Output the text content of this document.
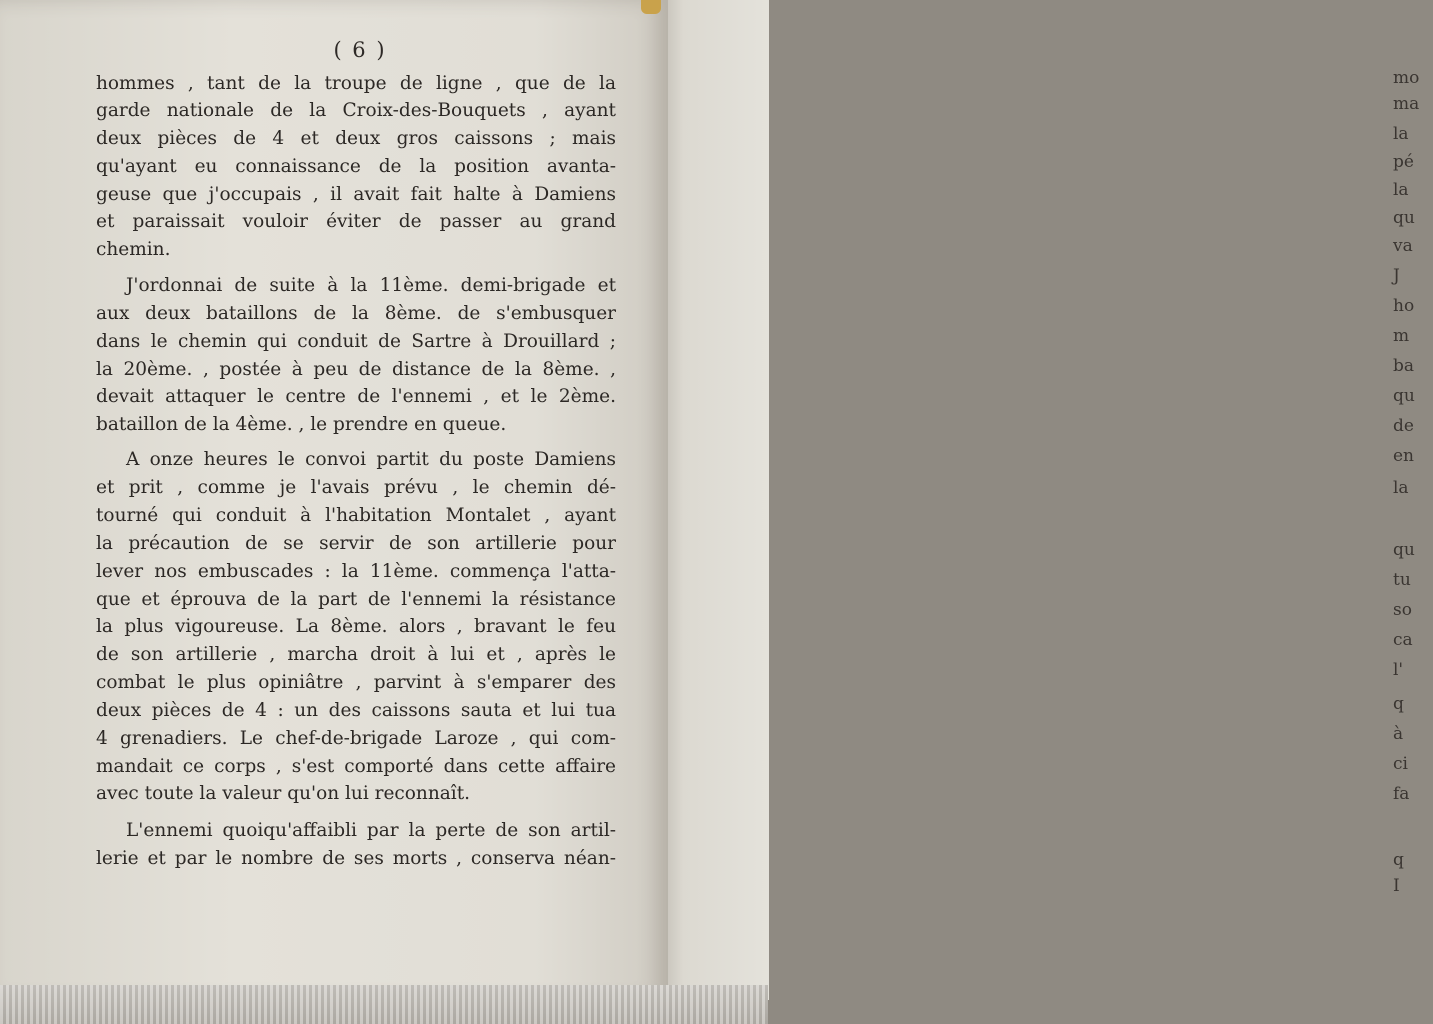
mo
ma
la
pé
la
qu
va
J
ho
m
ba
qu
de
en
la
qu
tu
so
ca
l'
q
à
ci
fa
q
I
( 6 )
hommes , tant de la troupe de ligne , que de la
garde nationale de la Croix-des-Bouquets , ayant
deux pièces de 4 et deux gros caissons ; mais
qu'ayant eu connaissance de la position avanta-
geuse que j'occupais , il avait fait halte à Damiens
et paraissait vouloir éviter de passer au grand
chemin.
J'ordonnai de suite à la 11ème. demi-brigade et
aux deux bataillons de la 8ème. de s'embusquer
dans le chemin qui conduit de Sartre à Drouillard ;
la 20ème. , postée à peu de distance de la 8ème. ,
devait attaquer le centre de l'ennemi , et le 2ème.
bataillon de la 4ème. , le prendre en queue.
A onze heures le convoi partit du poste Damiens
et prit , comme je l'avais prévu , le chemin dé-
tourné qui conduit à l'habitation Montalet , ayant
la précaution de se servir de son artillerie pour
lever nos embuscades : la 11ème. commença l'atta-
que et éprouva de la part de l'ennemi la résistance
la plus vigoureuse. La 8ème. alors , bravant le feu
de son artillerie , marcha droit à lui et , après le
combat le plus opiniâtre , parvint à s'emparer des
deux pièces de 4 : un des caissons sauta et lui tua
4 grenadiers. Le chef-de-brigade Laroze , qui com-
mandait ce corps , s'est comporté dans cette affaire
avec toute la valeur qu'on lui reconnaît.
L'ennemi quoiqu'affaibli par la perte de son artil-
lerie et par le nombre de ses morts , conserva néan-
